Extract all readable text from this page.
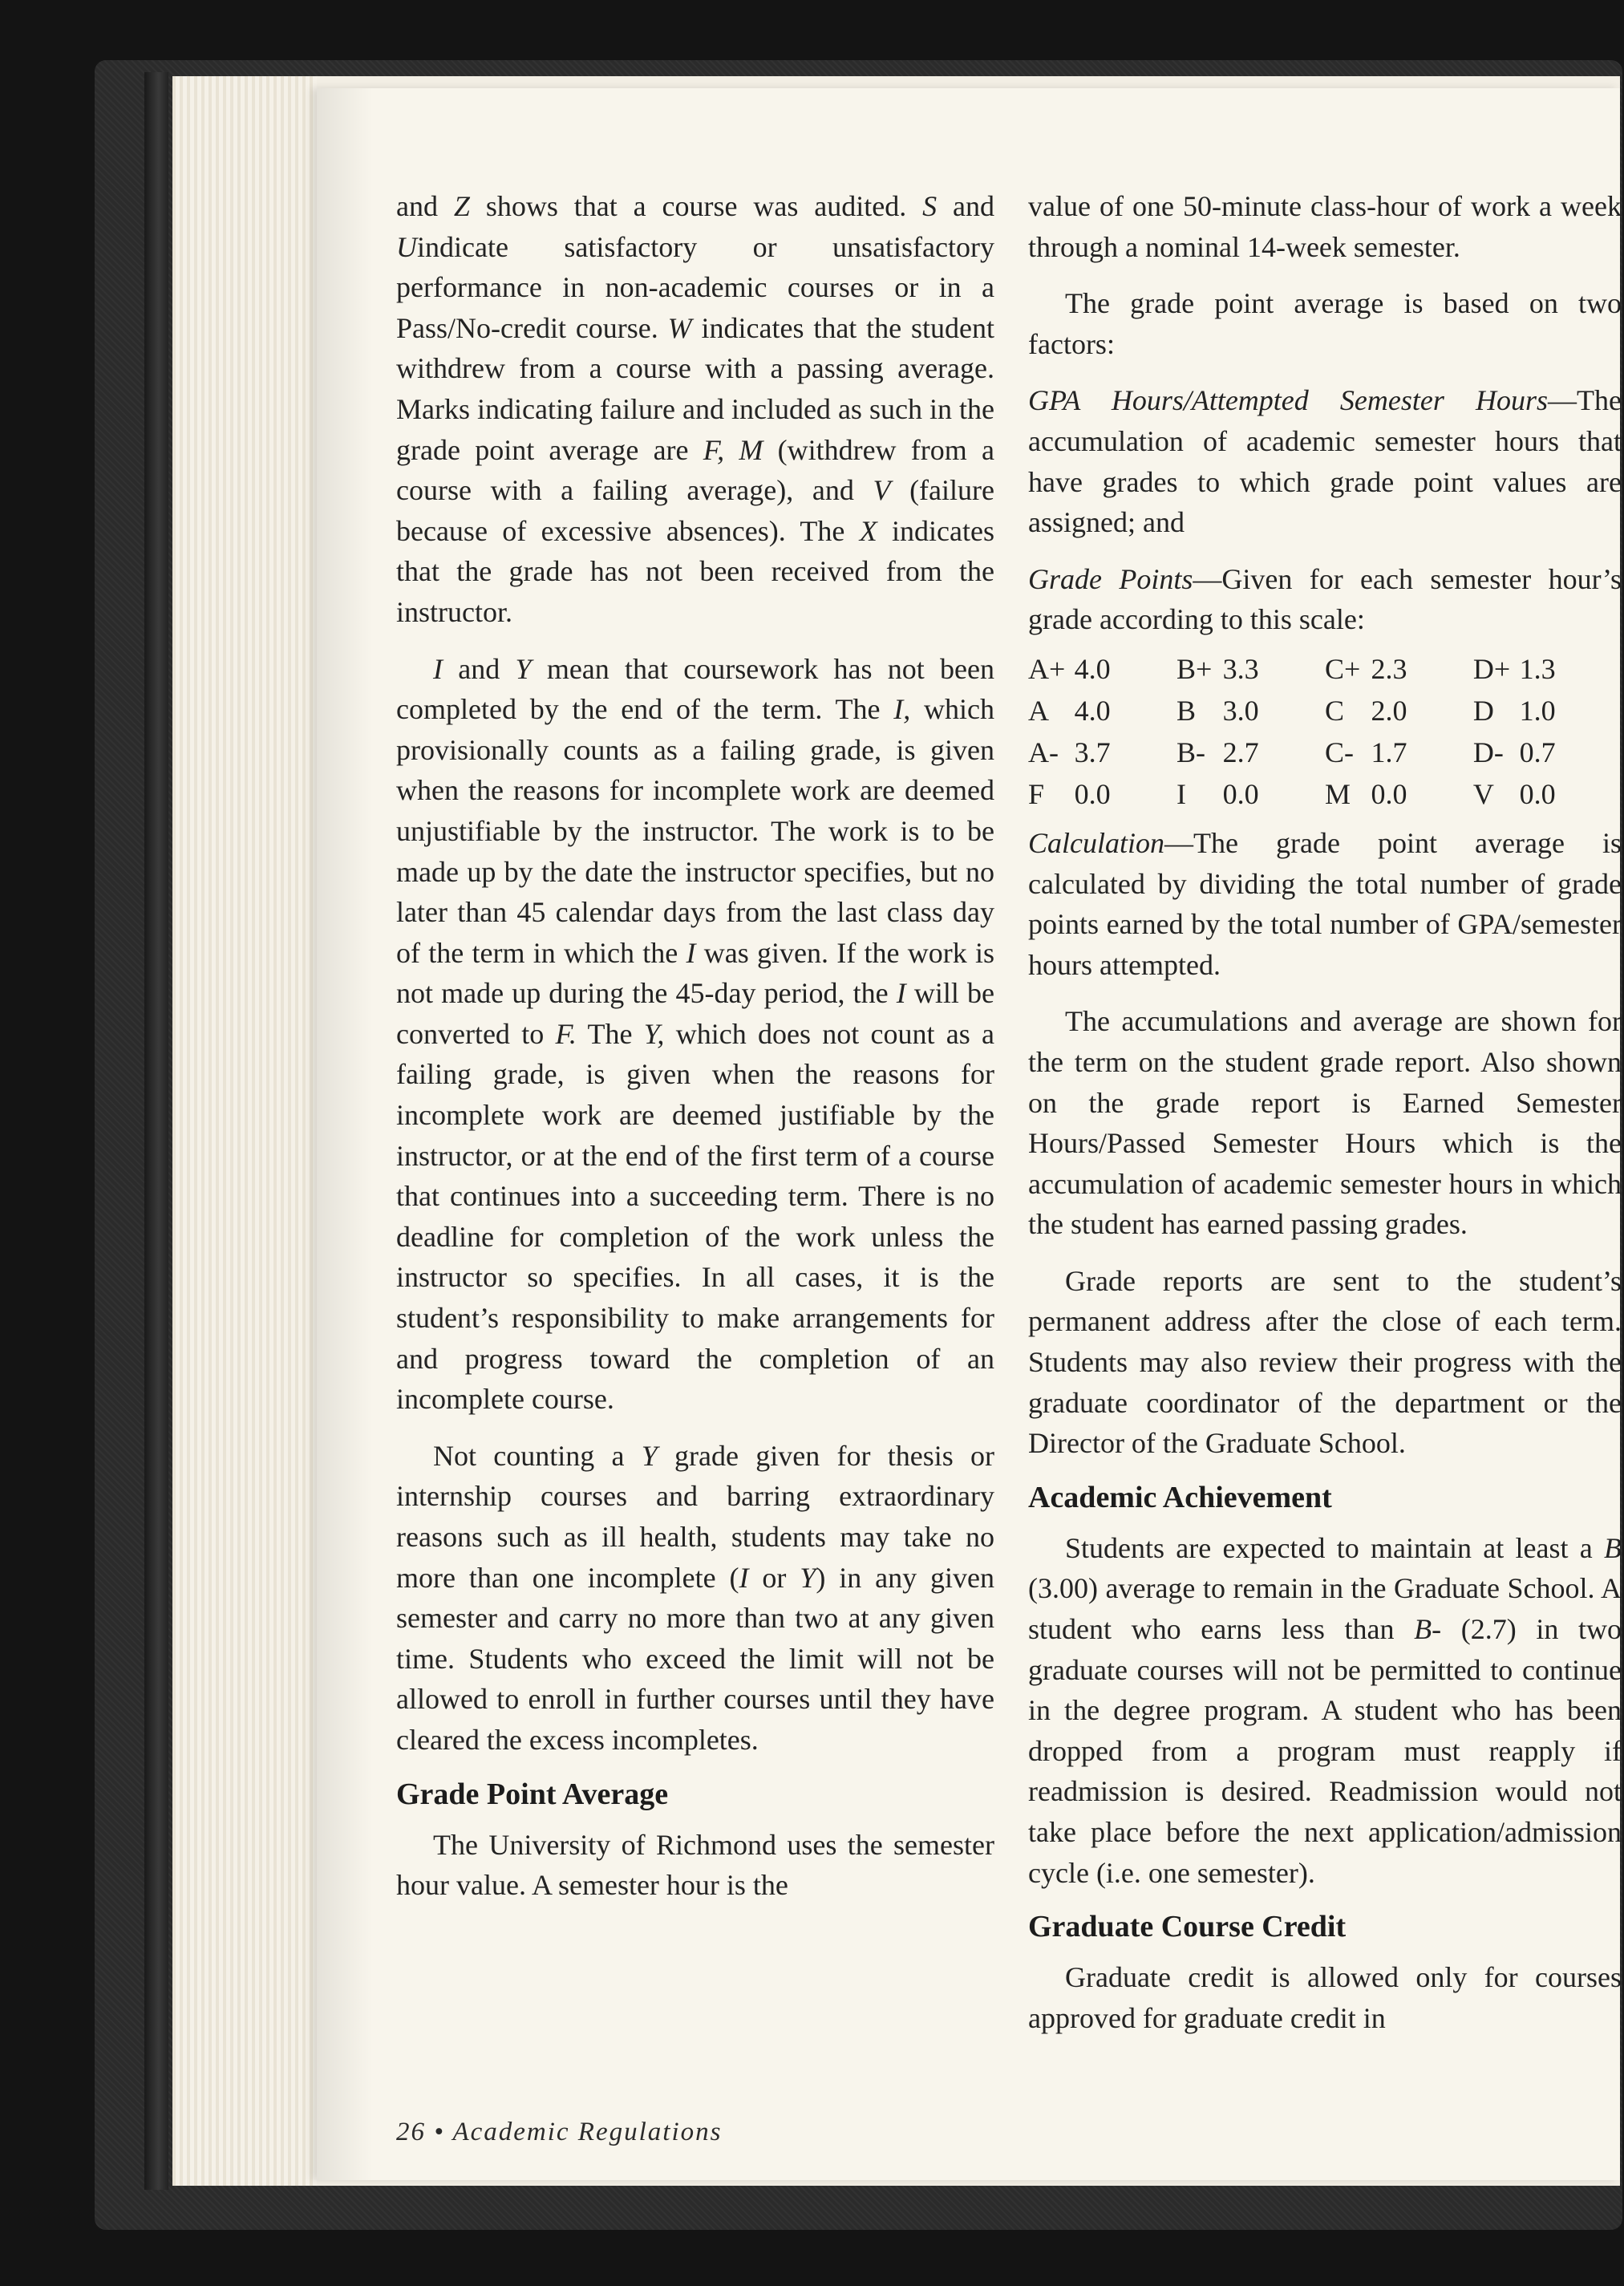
and Z shows that a course was audited. S and Uindicate satisfactory or unsatisfactory performance in non-academic courses or in a Pass/No-credit course. W indicates that the student withdrew from a course with a passing average. Marks indicating failure and included as such in the grade point average are F, M (withdrew from a course with a failing average), and V (failure because of excessive absences). The X indicates that the grade has not been received from the instructor.

I and Y mean that coursework has not been completed by the end of the term. The I, which provisionally counts as a failing grade, is given when the reasons for incomplete work are deemed unjustifiable by the instructor. The work is to be made up by the date the instructor specifies, but no later than 45 calendar days from the last class day of the term in which the I was given. If the work is not made up during the 45-day period, the I will be converted to F. The Y, which does not count as a failing grade, is given when the reasons for incomplete work are deemed justifiable by the instructor, or at the end of the first term of a course that continues into a succeeding term. There is no deadline for completion of the work unless the instructor so specifies. In all cases, it is the student’s responsibility to make arrangements for and progress toward the completion of an incomplete course.

Not counting a Y grade given for thesis or internship courses and barring extraordinary reasons such as ill health, students may take no more than one incomplete (I or Y) in any given semester and carry no more than two at any given time. Students who exceed the limit will not be allowed to enroll in further courses until they have cleared the excess incompletes.

Grade Point Average

The University of Richmond uses the semester hour value. A semester hour is the

value of one 50-minute class-hour of work a week through a nominal 14-week semester.

The grade point average is based on two factors:

GPA Hours/Attempted Semester Hours—The accumulation of academic semester hours that have grades to which grade point values are assigned; and

Grade Points—Given for each semester hour’s grade according to this scale:

A+	4.0	B+	3.3	C+	2.3	D+	1.3
A	4.0	B	3.0	C	2.0	D	1.0
A-	3.7	B-	2.7	C-	1.7	D-	0.7
F	0.0	I	0.0	M	0.0	V	0.0

Calculation—The grade point average is calculated by dividing the total number of grade points earned by the total number of GPA/semester hours attempted.

The accumulations and average are shown for the term on the student grade report. Also shown on the grade report is Earned Semester Hours/Passed Semester Hours which is the accumulation of academic semester hours in which the student has earned passing grades.

Grade reports are sent to the student’s permanent address after the close of each term. Students may also review their progress with the graduate coordinator of the department or the Director of the Graduate School.

Academic Achievement

Students are expected to maintain at least a B (3.00) average to remain in the Graduate School. A student who earns less than B- (2.7) in two graduate courses will not be permitted to continue in the degree program. A student who has been dropped from a program must reapply if readmission is desired. Readmission would not take place before the next application/admission cycle (i.e. one semester).

Graduate Course Credit

Graduate credit is allowed only for courses approved for graduate credit in

26 • Academic Regulations
